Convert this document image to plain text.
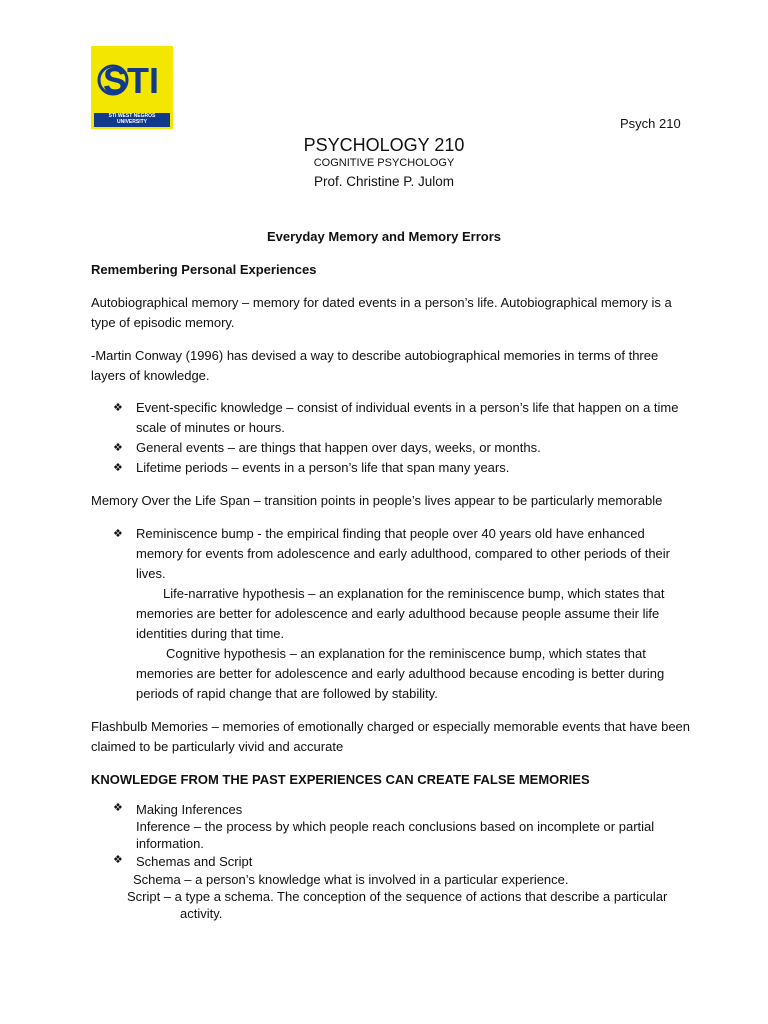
STI
STI WEST NEGROS
UNIVERSITY	Psych 210
PSYCHOLOGY 210
COGNITIVE PSYCHOLOGY
Prof. Christine P. Julom
Everyday Memory and Memory Errors
Remembering Personal Experiences
Autobiographical memory – memory for dated events in a person’s life. Autobiographical memory is a
type of episodic memory.
-Martin Conway (1996) has devised a way to describe autobiographical memories in terms of three
layers of knowledge.
❖ Event-specific knowledge – consist of individual events in a person’s life that happen on a time
scale of minutes or hours.
❖ General events – are things that happen over days, weeks, or months.
❖ Lifetime periods – events in a person’s life that span many years.
Memory Over the Life Span – transition points in people’s lives appear to be particularly memorable
❖ Reminiscence bump - the empirical finding that people over 40 years old have enhanced
memory for events from adolescence and early adulthood, compared to other periods of their
lives.
Life-narrative hypothesis – an explanation for the reminiscence bump, which states that
memories are better for adolescence and early adulthood because people assume their life
identities during that time.
Cognitive hypothesis – an explanation for the reminiscence bump, which states that
memories are better for adolescence and early adulthood because encoding is better during
periods of rapid change that are followed by stability.
Flashbulb Memories – memories of emotionally charged or especially memorable events that have been
claimed to be particularly vivid and accurate
KNOWLEDGE FROM THE PAST EXPERIENCES CAN CREATE FALSE MEMORIES
❖ Making Inferences
Inference – the process by which people reach conclusions based on incomplete or partial
information.
❖ Schemas and Script
Schema – a person’s knowledge what is involved in a particular experience.
Script – a type a schema. The conception of the sequence of actions that describe a particular
activity.
